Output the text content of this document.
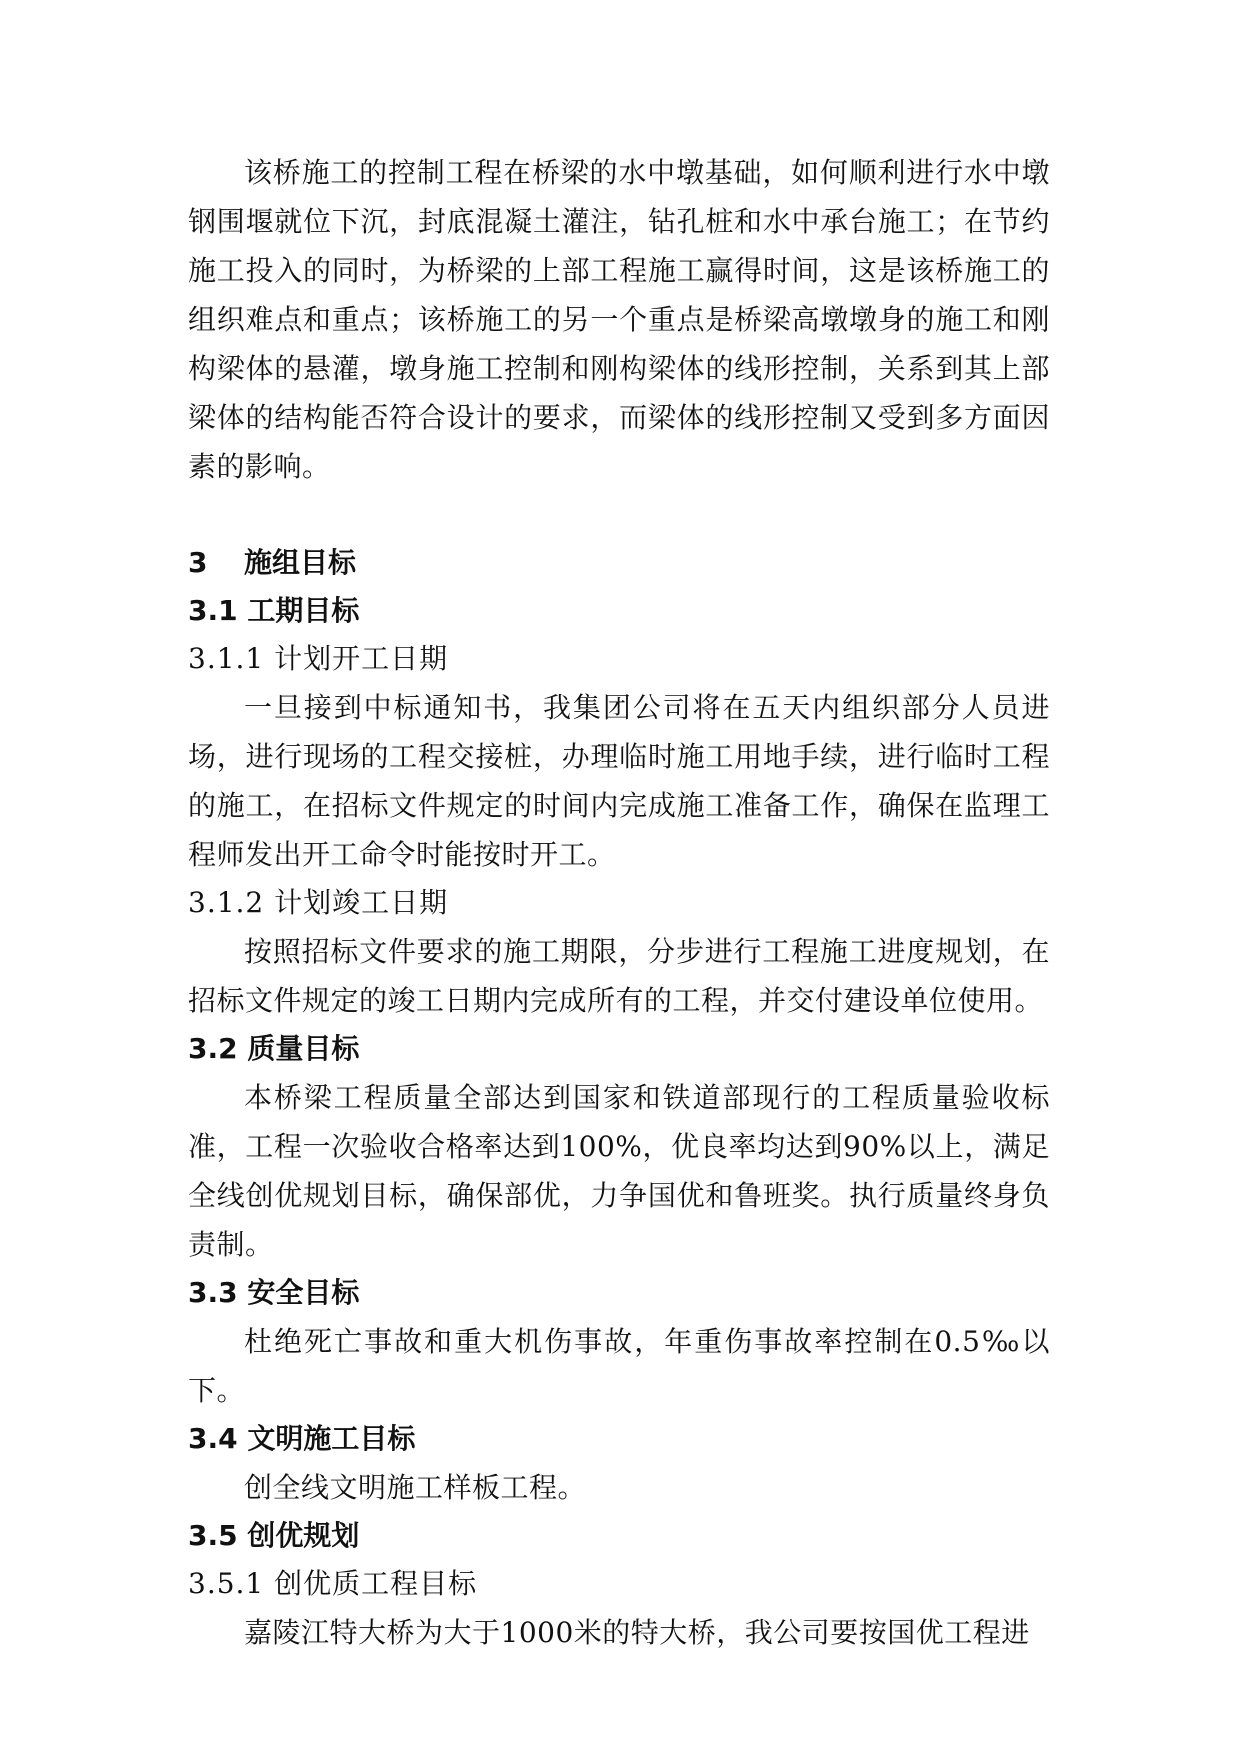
该桥施工的控制工程在桥梁的水中墩基础，如何顺利进行水中墩钢围堰就位下沉，封底混凝土灌注，钻孔桩和水中承台施工；在节约施工投入的同时，为桥梁的上部工程施工赢得时间，这是该桥施工的组织难点和重点；该桥施工的另一个重点是桥梁高墩墩身的施工和刚构梁体的悬灌，墩身施工控制和刚构梁体的线形控制，关系到其上部梁体的结构能否符合设计的要求，而梁体的线形控制又受到多方面因素的影响。

3 施组目标

3.1 工期目标

3.1.1 计划开工日期

一旦接到中标通知书，我集团公司将在五天内组织部分人员进场，进行现场的工程交接桩，办理临时施工用地手续，进行临时工程的施工，在招标文件规定的时间内完成施工准备工作，确保在监理工程师发出开工命令时能按时开工。

3.1.2 计划竣工日期

按照招标文件要求的施工期限，分步进行工程施工进度规划，在招标文件规定的竣工日期内完成所有的工程，并交付建设单位使用。

3.2 质量目标

本桥梁工程质量全部达到国家和铁道部现行的工程质量验收标准，工程一次验收合格率达到100%，优良率均达到90%以上，满足全线创优规划目标，确保部优，力争国优和鲁班奖。执行质量终身负责制。

3.3 安全目标

杜绝死亡事故和重大机伤事故，年重伤事故率控制在0.5‰以下。

3.4 文明施工目标

创全线文明施工样板工程。

3.5 创优规划

3.5.1 创优质工程目标

嘉陵江特大桥为大于1000米的特大桥，我公司要按国优工程进
